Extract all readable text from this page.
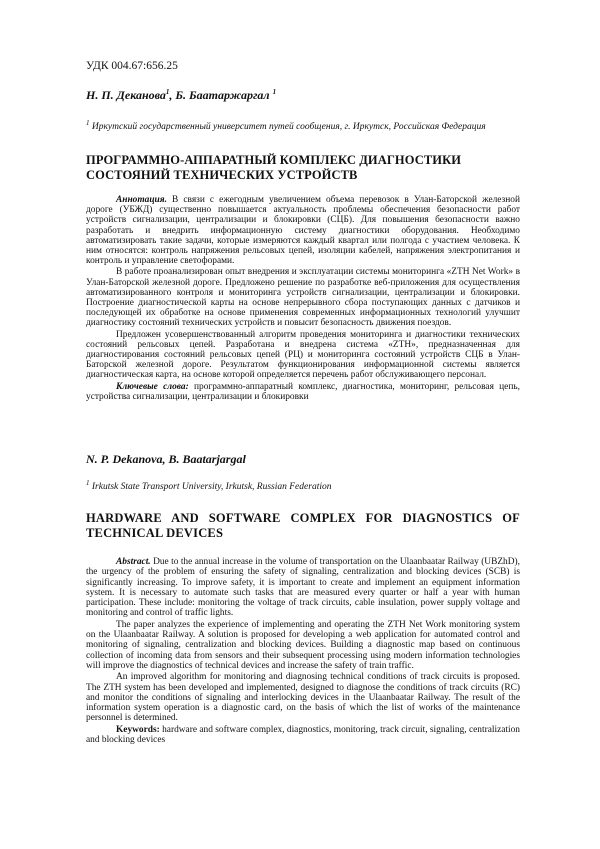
УДК 004.67:656.25
Н. П. Деканова$^1$, Б. Баатаржаргал $^1$
$^1$ Иркутский государственный университет путей сообщения, г. Иркутск, Российская Федерация
ПРОГРАММНО-АППАРАТНЫЙ КОМПЛЕКС ДИАГНОСТИКИ СОСТОЯНИЙ ТЕХНИЧЕСКИХ УСТРОЙСТВ

Аннотация. В связи с ежегодным увеличением объема перевозок в Улан-Баторской железной дороге (УБЖД) существенно повышается актуальность проблемы обеспечения безопасности работ устройств сигнализации, централизации и блокировки (СЦБ). Для повышения безопасности важно разработать и внедрить информационную систему диагностики оборудования. Необходимо автоматизировать такие задачи, которые измеряются каждый квартал или полгода с участием человека. К ним относятся: контроль напряжения рельсовых цепей, изоляции кабелей, напряжения электропитания и контроль и управление светофорами.

В работе проанализирован опыт внедрения и эксплуатации системы мониторинга «ZTH Net Work» в Улан-Баторской железной дороге. Предложено решение по разработке веб-приложения для осуществления автоматизированного контроля и мониторинга устройств сигнализации, централизации и блокировки. Построение диагностической карты на основе непрерывного сбора поступающих данных с датчиков и последующей их обработке на основе применения современных информационных технологий улучшит диагностику состояний технических устройств и повысит безопасность движения поездов.

Предложен усовершенствованный алгоритм проведения мониторинга и диагностики технических состояний рельсовых цепей. Разработана и внедрена система «ZTH», предназначенная для диагностирования состояний рельсовых цепей (РЦ) и мониторинга состояний устройств СЦБ в Улан-Баторской железной дороге. Результатом функционирования информационной системы является диагностическая карта, на основе которой определяется перечень работ обслуживающего персонал.

Ключевые слова: программно-аппаратный комплекс, диагностика, мониторинг, рельсовая цепь, устройства сигнализации, централизации и блокировки

N. P. Dekanova, B. Baatarjargal
$^1$ Irkutsk State Transport University, Irkutsk, Russian Federation
HARDWARE AND SOFTWARE COMPLEX FOR DIAGNOSTICS OF TECHNICAL DEVICES

Abstract. Due to the annual increase in the volume of transportation on the Ulaanbaatar Railway (UBZhD), the urgency of the problem of ensuring the safety of signaling, centralization and blocking devices (SCB) is significantly increasing. To improve safety, it is important to create and implement an equipment information system. It is necessary to automate such tasks that are measured every quarter or half a year with human participation. These include: monitoring the voltage of track circuits, cable insulation, power supply voltage and monitoring and control of traffic lights.

The paper analyzes the experience of implementing and operating the ZTH Net Work monitoring system on the Ulaanbaatar Railway. A solution is proposed for developing a web application for automated control and monitoring of signaling, centralization and blocking devices. Building a diagnostic map based on continuous collection of incoming data from sensors and their subsequent processing using modern information technologies will improve the diagnostics of technical devices and increase the safety of train traffic.

An improved algorithm for monitoring and diagnosing technical conditions of track circuits is proposed. The ZTH system has been developed and implemented, designed to diagnose the conditions of track circuits (RC) and monitor the conditions of signaling and interlocking devices in the Ulaanbaatar Railway. The result of the information system operation is a diagnostic card, on the basis of which the list of works of the maintenance personnel is determined.

Keywords: hardware and software complex, diagnostics, monitoring, track circuit, signaling, centralization and blocking devices
